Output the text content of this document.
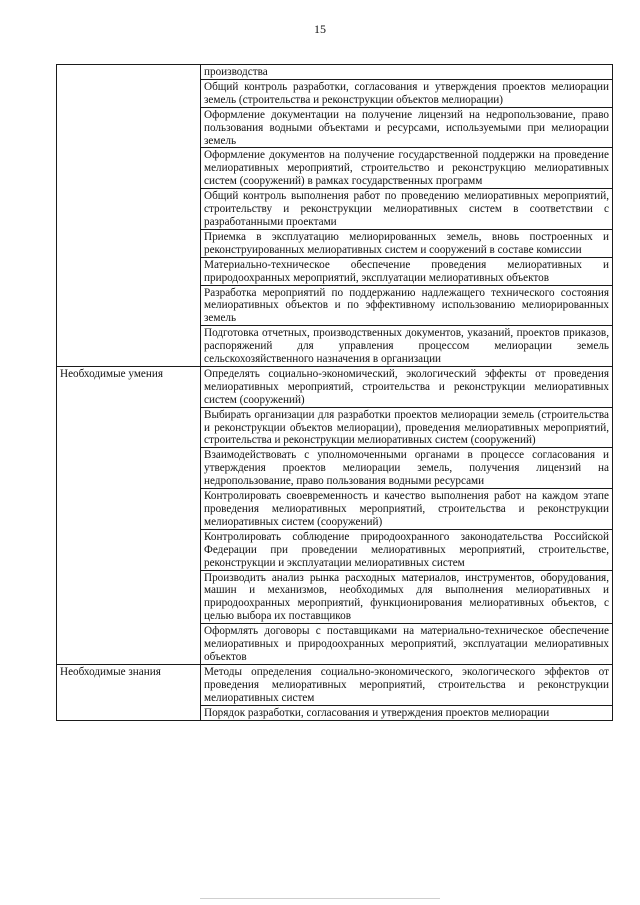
15
	производства
	Общий контроль разработки, согласования и утверждения проектов мелиорации земель (строительства и реконструкции объектов мелиорации)
	Оформление документации на получение лицензий на недропользование, право пользования водными объектами и ресурсами, используемыми при мелиорации земель
	Оформление документов на получение государственной поддержки на проведение мелиоративных мероприятий, строительство и реконструкцию мелиоративных систем (сооружений) в рамках государственных программ
	Общий контроль выполнения работ по проведению мелиоративных мероприятий, строительству и реконструкции мелиоративных систем в соответствии с разработанными проектами
	Приемка в эксплуатацию мелиорированных земель, вновь построенных и реконструированных мелиоративных систем и сооружений в составе комиссии
	Материально-техническое обеспечение проведения мелиоративных и природоохранных мероприятий, эксплуатации мелиоративных объектов
	Разработка мероприятий по поддержанию надлежащего технического состояния мелиоративных объектов и по эффективному использованию мелиорированных земель
	Подготовка отчетных, производственных документов, указаний, проектов приказов, распоряжений для управления процессом мелиорации земель сельскохозяйственного назначения в организации
Необходимые умения	Определять социально-экономический, экологический эффекты от проведения мелиоративных мероприятий, строительства и реконструкции мелиоративных систем (сооружений)
	Выбирать организации для разработки проектов мелиорации земель (строительства и реконструкции объектов мелиорации), проведения мелиоративных мероприятий, строительства и реконструкции мелиоративных систем (сооружений)
	Взаимодействовать с уполномоченными органами в процессе согласования и утверждения проектов мелиорации земель, получения лицензий на недропользование, право пользования водными ресурсами
	Контролировать своевременность и качество выполнения работ на каждом этапе проведения мелиоративных мероприятий, строительства и реконструкции мелиоративных систем (сооружений)
	Контролировать соблюдение природоохранного законодательства Российской Федерации при проведении мелиоративных мероприятий, строительстве, реконструкции и эксплуатации мелиоративных систем
	Производить анализ рынка расходных материалов, инструментов, оборудования, машин и механизмов, необходимых для выполнения мелиоративных и природоохранных мероприятий, функционирования мелиоративных объектов, с целью выбора их поставщиков
	Оформлять договоры с поставщиками на материально-техническое обеспечение мелиоративных и природоохранных мероприятий, эксплуатации мелиоративных объектов
Необходимые знания	Методы определения социально-экономического, экологического эффектов от проведения мелиоративных мероприятий, строительства и реконструкции мелиоративных систем
	Порядок разработки, согласования и утверждения проектов мелиорации
